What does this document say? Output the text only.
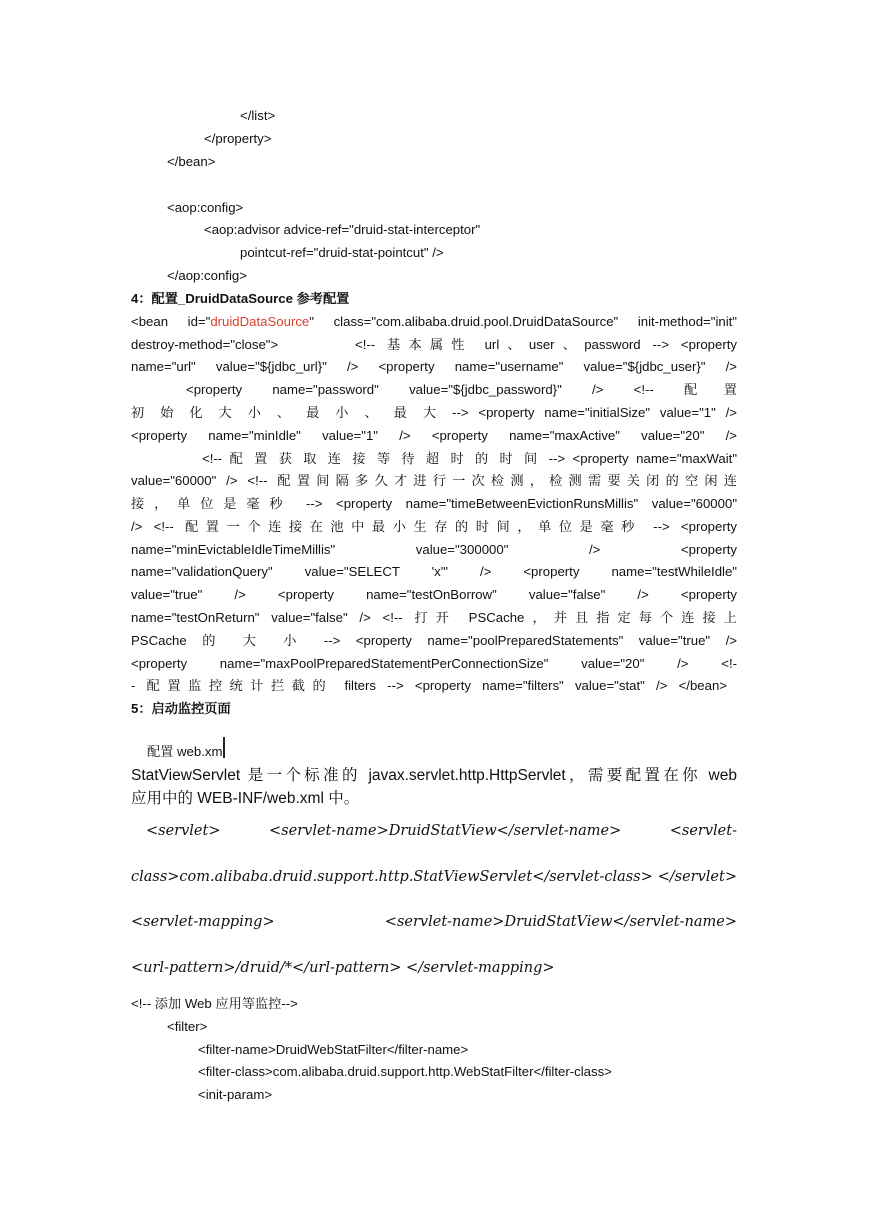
</list>
</property>
</bean>
<aop:config>
<aop:advisor advice-ref="druid-stat-interceptor"
pointcut-ref="druid-stat-pointcut" />
</aop:config>
4：配置_DruidDataSource 参考配置
<bean id="druidDataSource" class="com.alibaba.druid.pool.DruidDataSource" init-method="init"
destroy-method="close">	<!-- 基本属性 url、user、password --> <property
name="url" value="${jdbc_url}" /> <property name="username" value="${jdbc_user}" />
<property name="password" value="${jdbc_password}" /> <!-- 配置
初 始 化 大 小 、 最 小 、 最 大 --> <property name="initialSize" value="1" />
<property name="minIdle" value="1" /> <property name="maxActive" value="20" />
<!-- 配 置 获 取 连 接 等 待 超 时 的 时 间 --> <property name="maxWait"
value="60000" /> <!-- 配置间隔多久才进行一次检测，检测需要关闭的空闲连
接，单位是毫秒 --> <property name="timeBetweenEvictionRunsMillis" value="60000"
/> <!-- 配置一个连接在池中最小生存的时间，单位是毫秒 --> <property
name="minEvictableIdleTimeMillis" value="300000" /> <property
name="validationQuery" value="SELECT 'x'" /> <property name="testWhileIdle"
value="true" /> <property name="testOnBorrow" value="false" /> <property
name="testOnReturn" value="false" /> <!-- 打开 PSCache，并且指定每个连接上
PSCache 的 大 小 --> <property name="poolPreparedStatements" value="true" />
<property name="maxPoolPreparedStatementPerConnectionSize" value="20" /> <!-
- 配置监控统计拦截的 filters --> <property name="filters" value="stat" /> </bean>
5：启动监控页面
配置 web.xm
StatViewServlet 是一个标准的 javax.servlet.http.HttpServlet，需要配置在你 web
应用中的 WEB-INF/web.xml 中。
<servlet> <servlet-name>DruidStatView</servlet-name> <servlet-
class>com.alibaba.druid.support.http.StatViewServlet</servlet-class> </servlet>
<servlet-mapping> <servlet-name>DruidStatView</servlet-name>
<url-pattern>/druid/*</url-pattern> </servlet-mapping>
<!-- 添加 Web 应用等监控-->
<filter>
<filter-name>DruidWebStatFilter</filter-name>
<filter-class>com.alibaba.druid.support.http.WebStatFilter</filter-class>
<init-param>
